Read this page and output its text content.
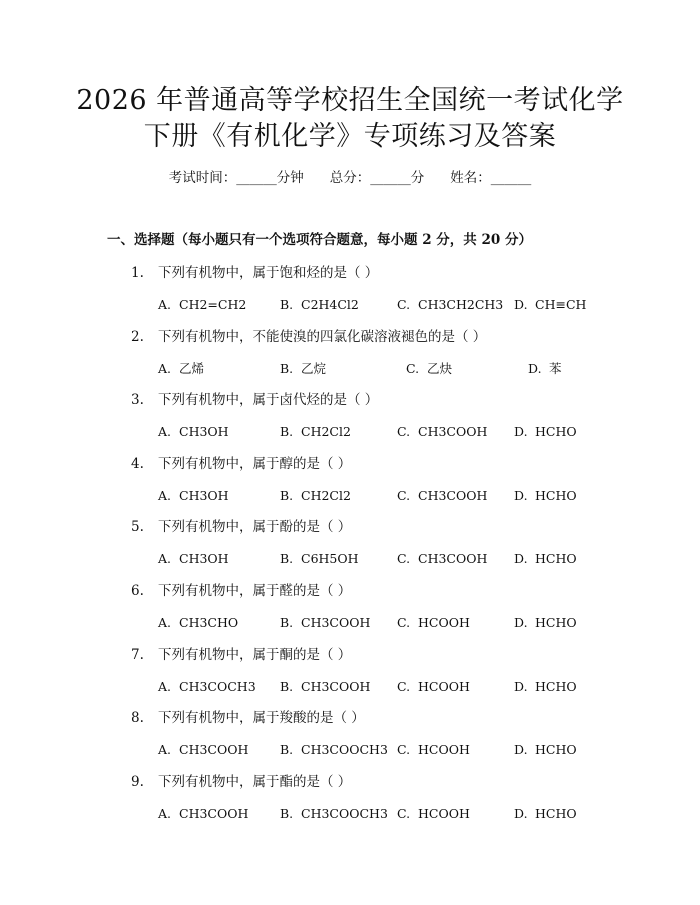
2026 年普通高等学校招生全国统一考试化学
下册《有机化学》专项练习及答案
考试时间：______分钟 总分：______分 姓名：______
一、选择题（每小题只有一个选项符合题意，每小题 2 分，共 20 分）
1. 下列有机物中，属于饱和烃的是（ ）
A. CH2=CH2	B. C2H4Cl2	C. CH3CH2CH3 D. CH≡CH
2. 下列有机物中，不能使溴的四氯化碳溶液褪色的是（ ）
A. 乙烯	B. 乙烷	C. 乙炔	D. 苯
3. 下列有机物中，属于卤代烃的是（ ）
A. CH3OH	B. CH2Cl2	C. CH3COOH D. HCHO
4. 下列有机物中，属于醇的是（ ）
A. CH3OH	B. CH2Cl2	C. CH3COOH D. HCHO
5. 下列有机物中，属于酚的是（ ）
A. CH3OH	B. C6H5OH	C. CH3COOH D. HCHO
6. 下列有机物中，属于醛的是（ ）
A. CH3CHO	B. CH3COOH C. HCOOH	D. HCHO
7. 下列有机物中，属于酮的是（ ）
A. CH3COCH3 B. CH3COOH C. HCOOH	D. HCHO
8. 下列有机物中，属于羧酸的是（ ）
A. CH3COOH	B. CH3COOCH3 C. HCOOH	D. HCHO
9. 下列有机物中，属于酯的是（ ）
A. CH3COOH	B. CH3COOCH3 C. HCOOH	D. HCHO
